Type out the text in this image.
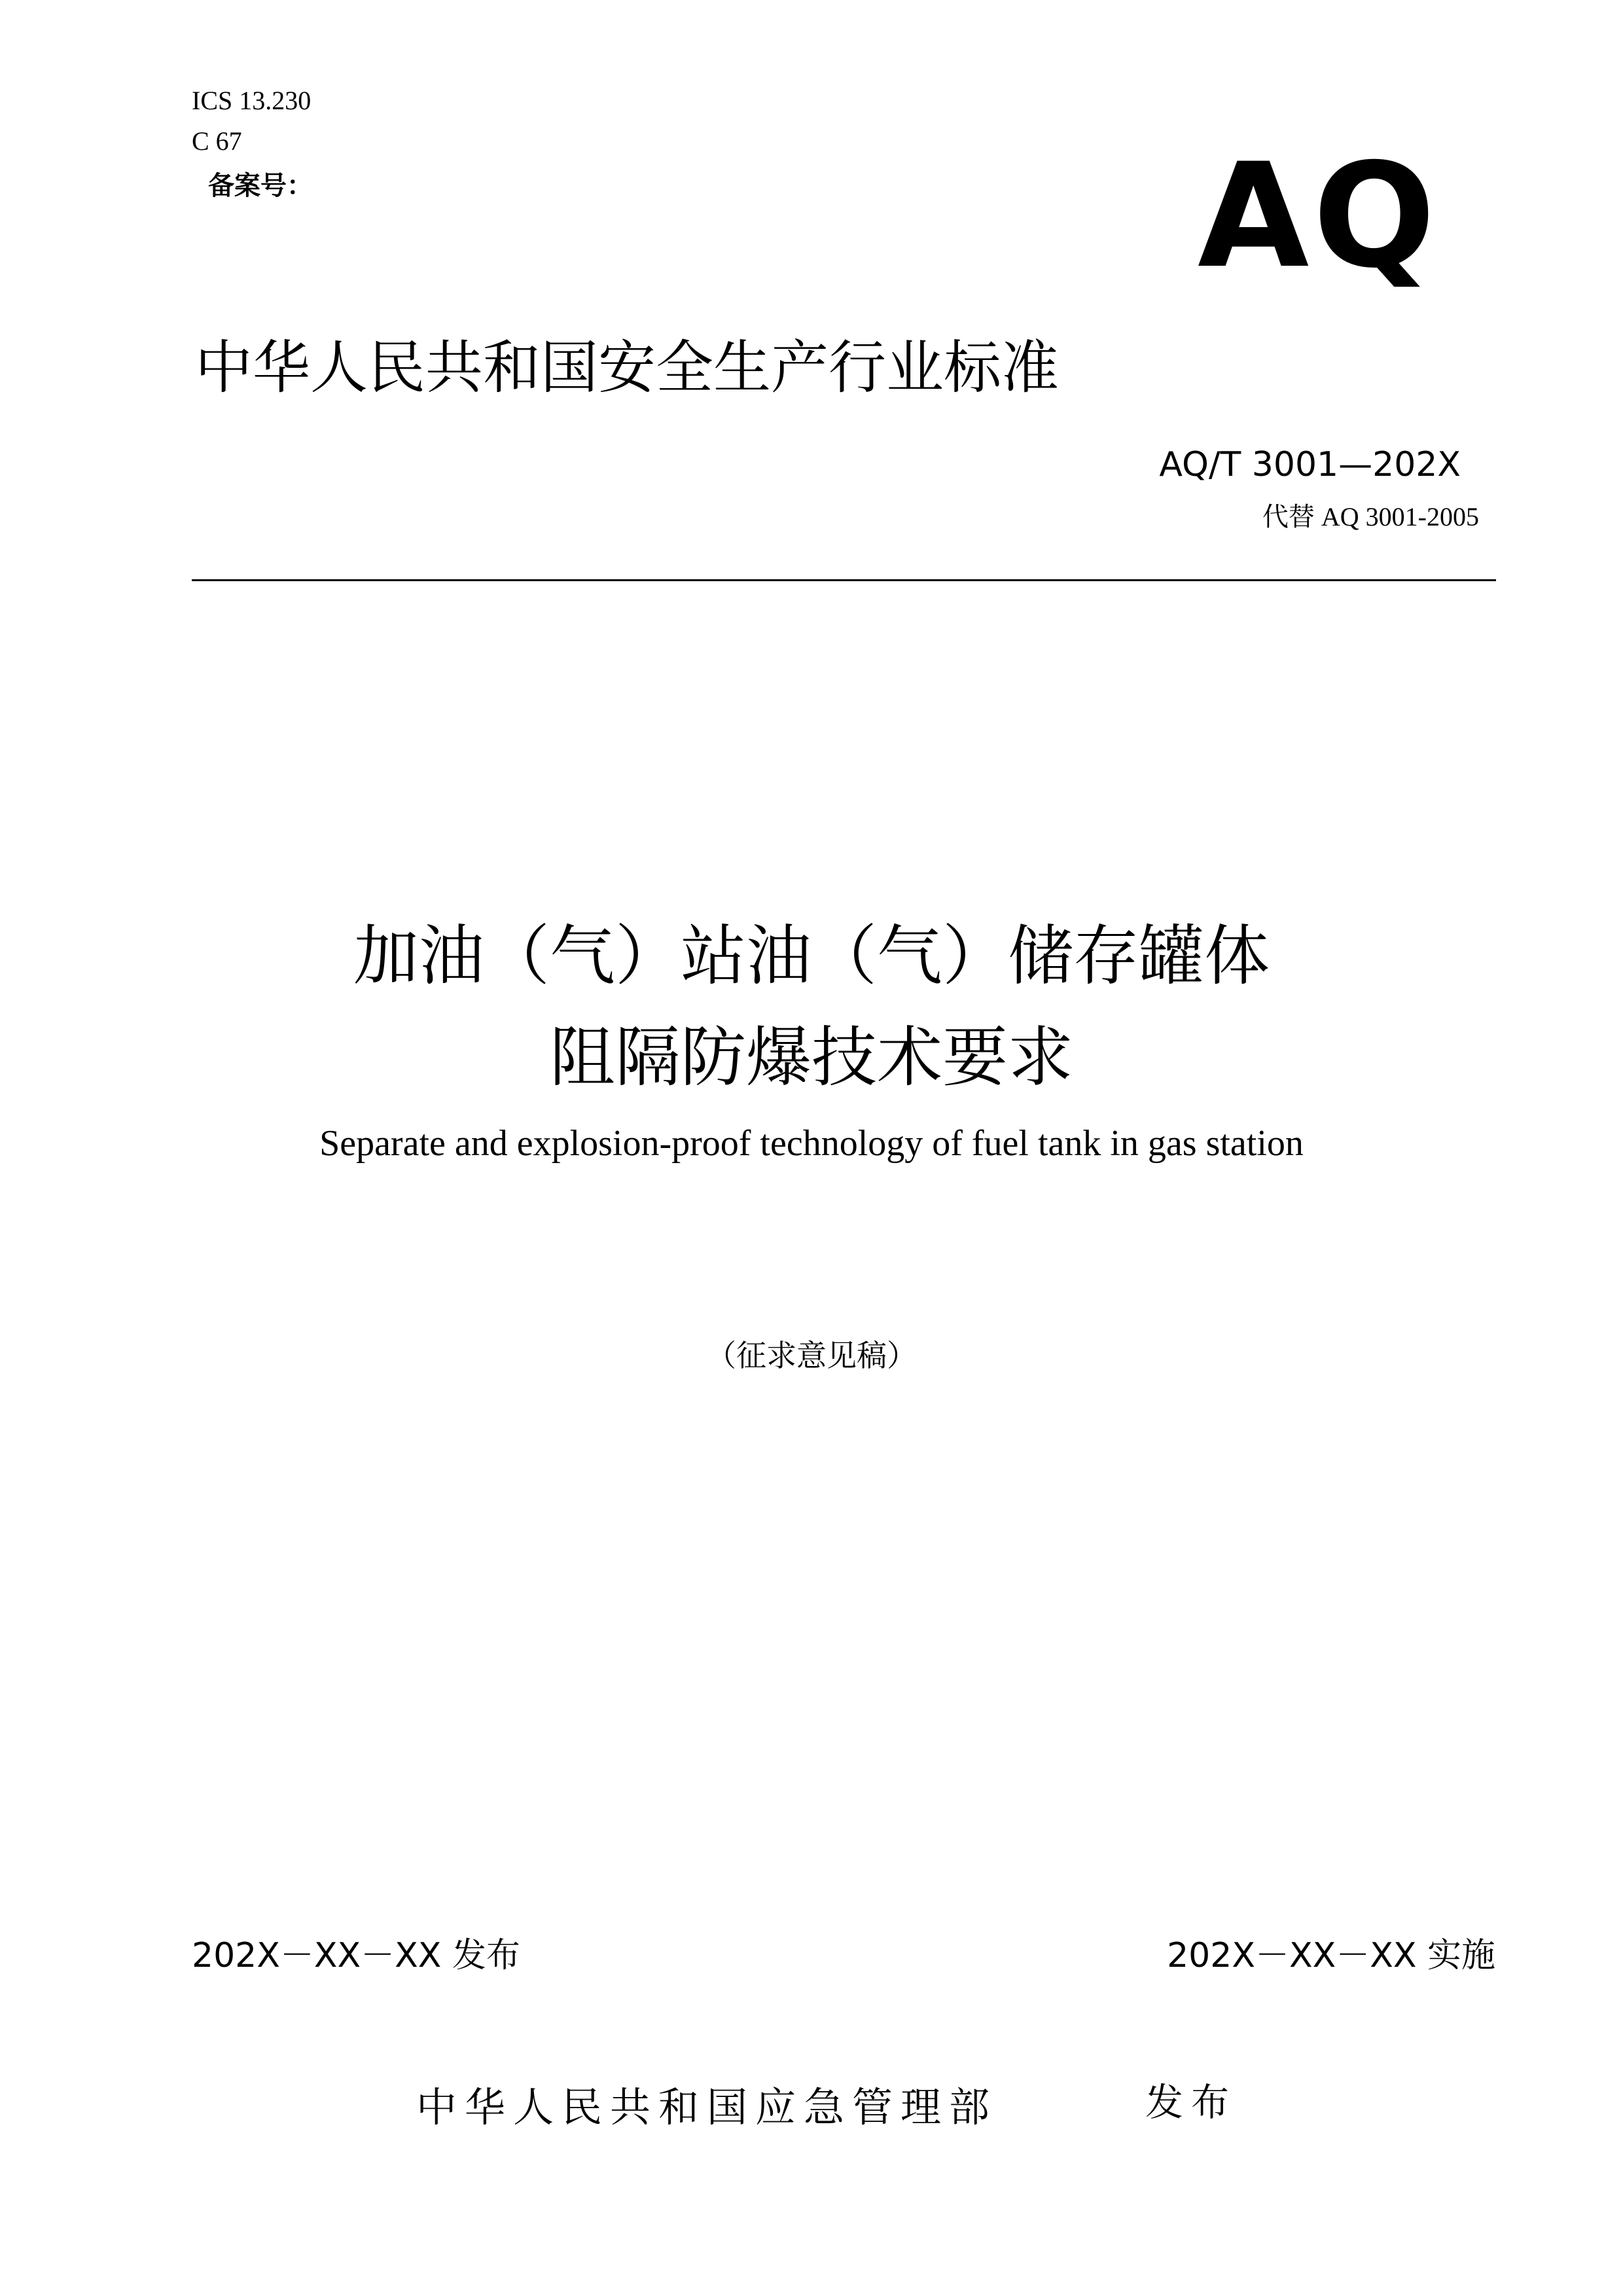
ICS 13.230
C 67
备案号：	AQ
中华人民共和国安全生产行业标准
AQ/T 3001—202X
代替 AQ 3001-2005
加油（气）站油（气）储存罐体
阻隔防爆技术要求
Separate and explosion-proof technology of fuel tank in gas station
（征求意见稿）
202X－XX－XX 发布	202X－XX－XX 实施
中华人民共和国应急管理部	发布
